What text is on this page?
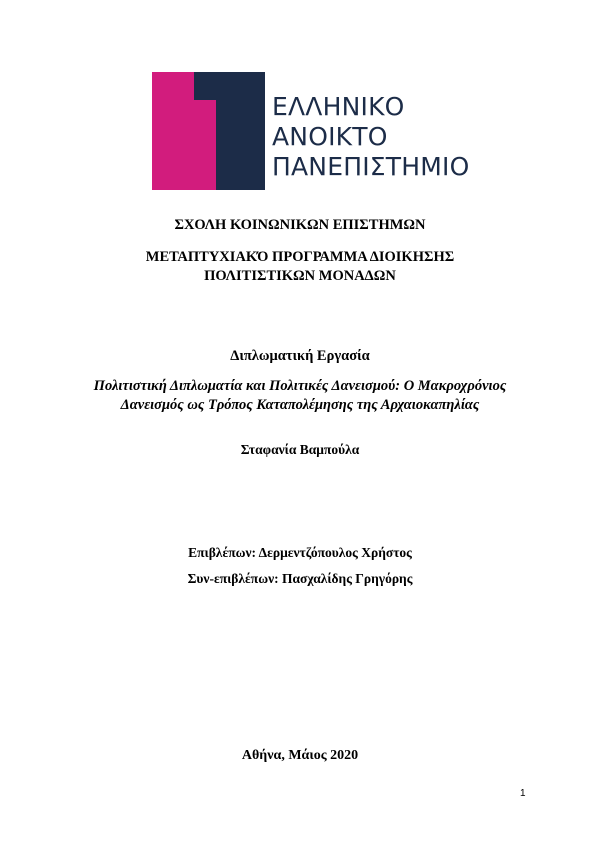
ΕΛΛΗΝΙΚΟ
ΑΝΟΙΚΤΟ
ΠΑΝΕΠΙΣΤΗΜΙΟ
ΣΧΟΛΗ ΚΟΙΝΩΝΙΚΩΝ ΕΠΙΣΤΗΜΩΝ
ΜΕΤΑΠΤΥΧΙΑΚΌ ΠΡΟΓΡΑΜΜΑ ΔΙΟΙΚΗΣΗΣ
ΠΟΛΙΤΙΣΤΙΚΩΝ ΜΟΝΑΔΩΝ
Διπλωματική Εργασία
Πολιτιστική Διπλωματία και Πολιτικές Δανεισμού: Ο Μακροχρόνιος Δανεισμός ως Τρόπος Καταπολέμησης της Αρχαιοκαπηλίας
Σταφανία Βαμπούλα
Επιβλέπων: Δερμεντζόπουλος Χρήστος
Συν-επιβλέπων: Πασχαλίδης Γρηγόρης
Αθήνα, Μάιος 2020
1
